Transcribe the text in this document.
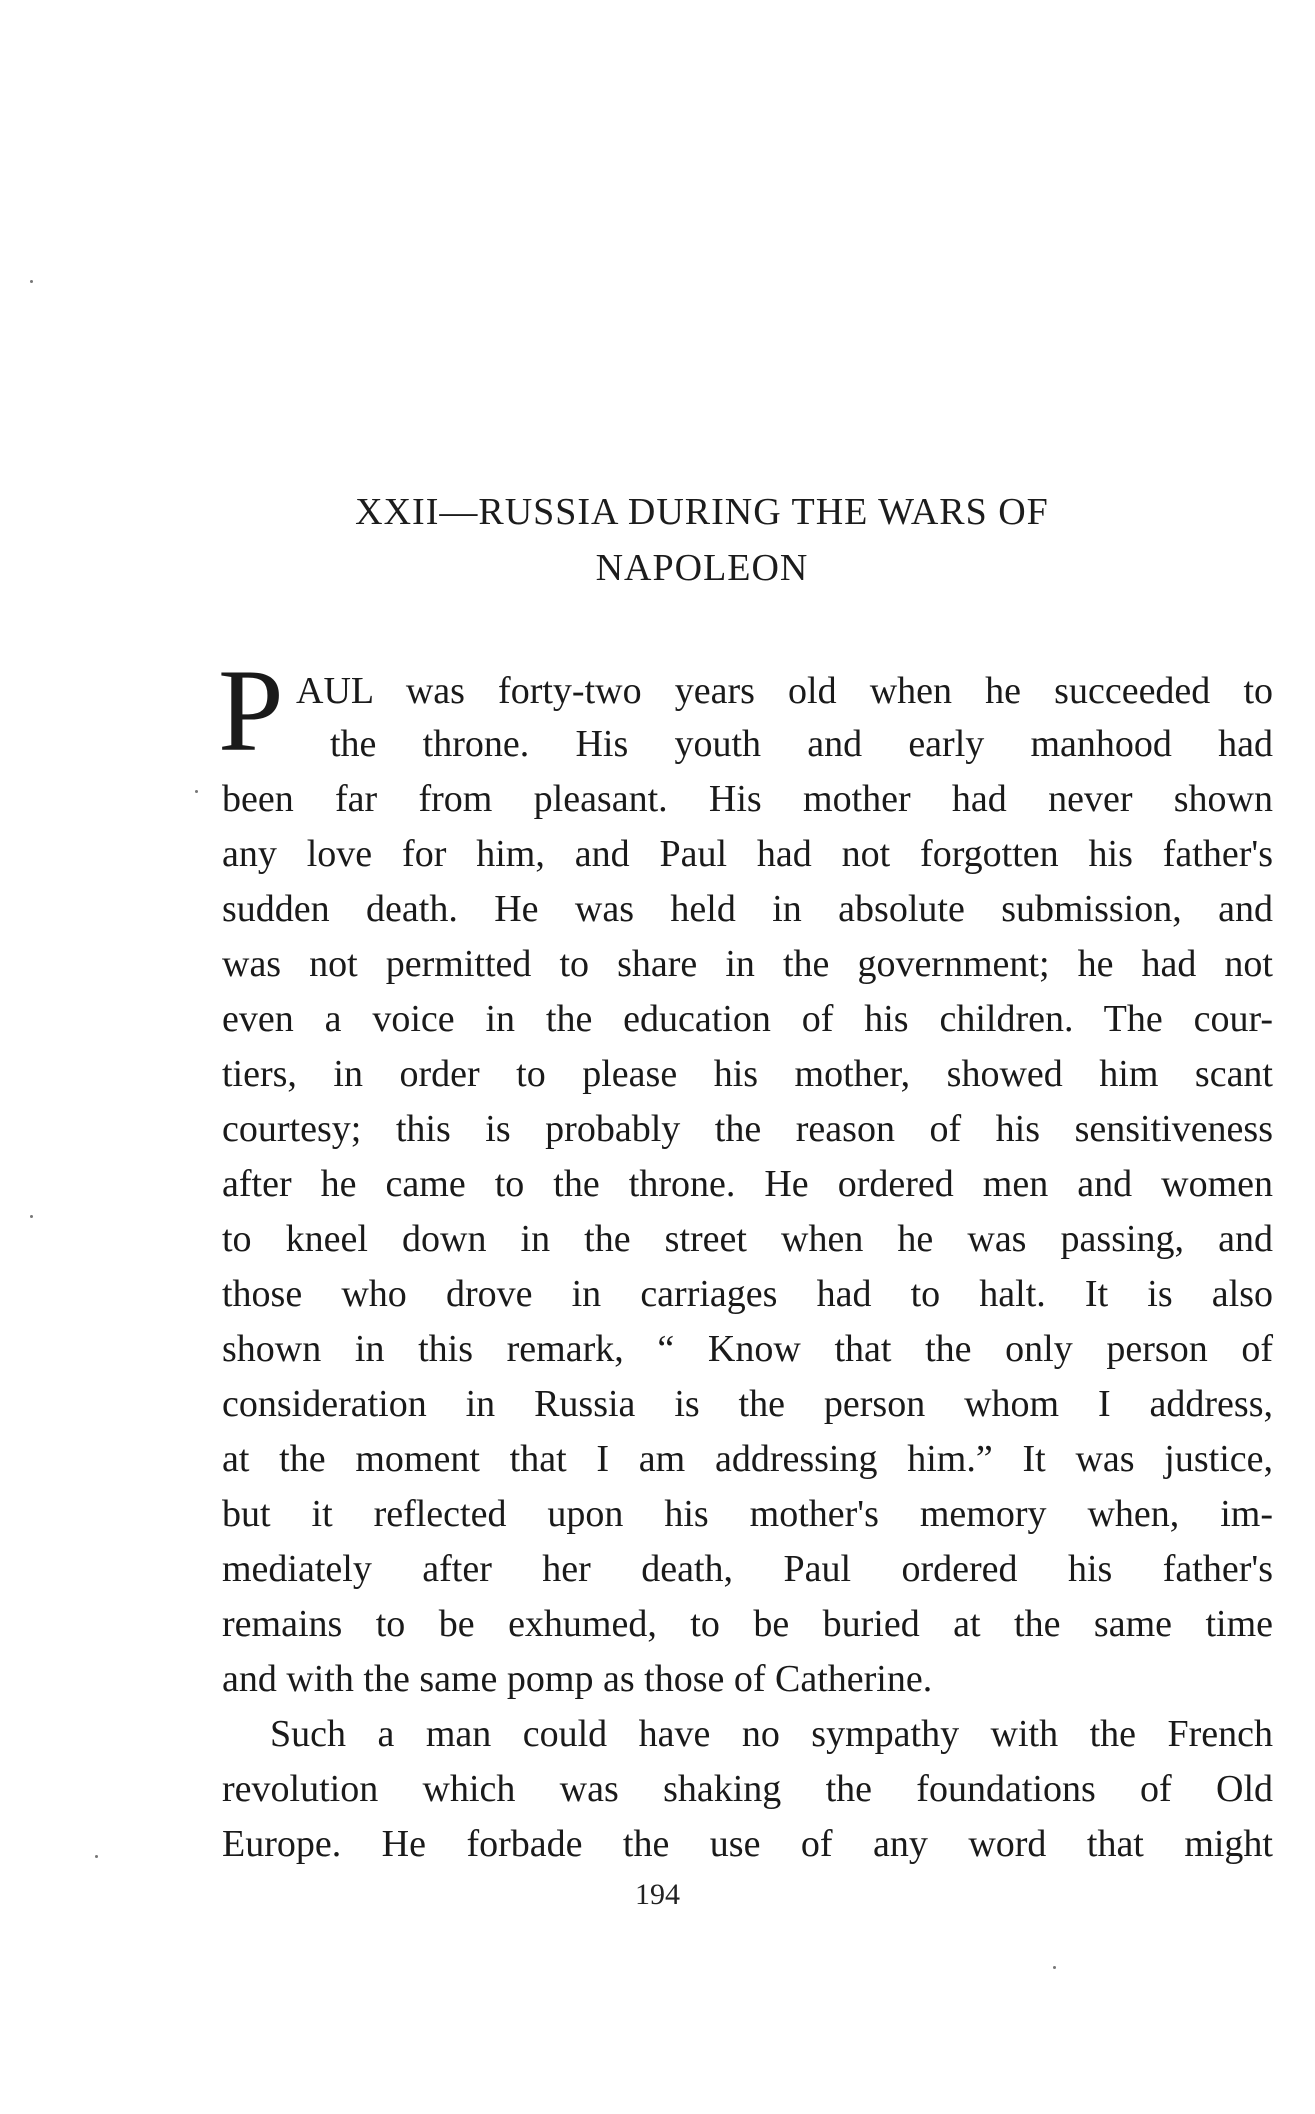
XXII—RUSSIA DURING THE WARS OF
NAPOLEON
P AUL was forty-two years old when he succeeded to
the throne. His youth and early manhood had
been far from pleasant. His mother had never shown
any love for him, and Paul had not forgotten his father's
sudden death. He was held in absolute submission, and
was not permitted to share in the government; he had not
even a voice in the education of his children. The cour-
tiers, in order to please his mother, showed him scant
courtesy; this is probably the reason of his sensitiveness
after he came to the throne. He ordered men and women
to kneel down in the street when he was passing, and
those who drove in carriages had to halt. It is also
shown in this remark, “ Know that the only person of
consideration in Russia is the person whom I address,
at the moment that I am addressing him.” It was justice,
but it reflected upon his mother's memory when, im-
mediately after her death, Paul ordered his father's
remains to be exhumed, to be buried at the same time
and with the same pomp as those of Catherine.
Such a man could have no sympathy with the French
revolution which was shaking the foundations of Old
Europe. He forbade the use of any word that might
194
